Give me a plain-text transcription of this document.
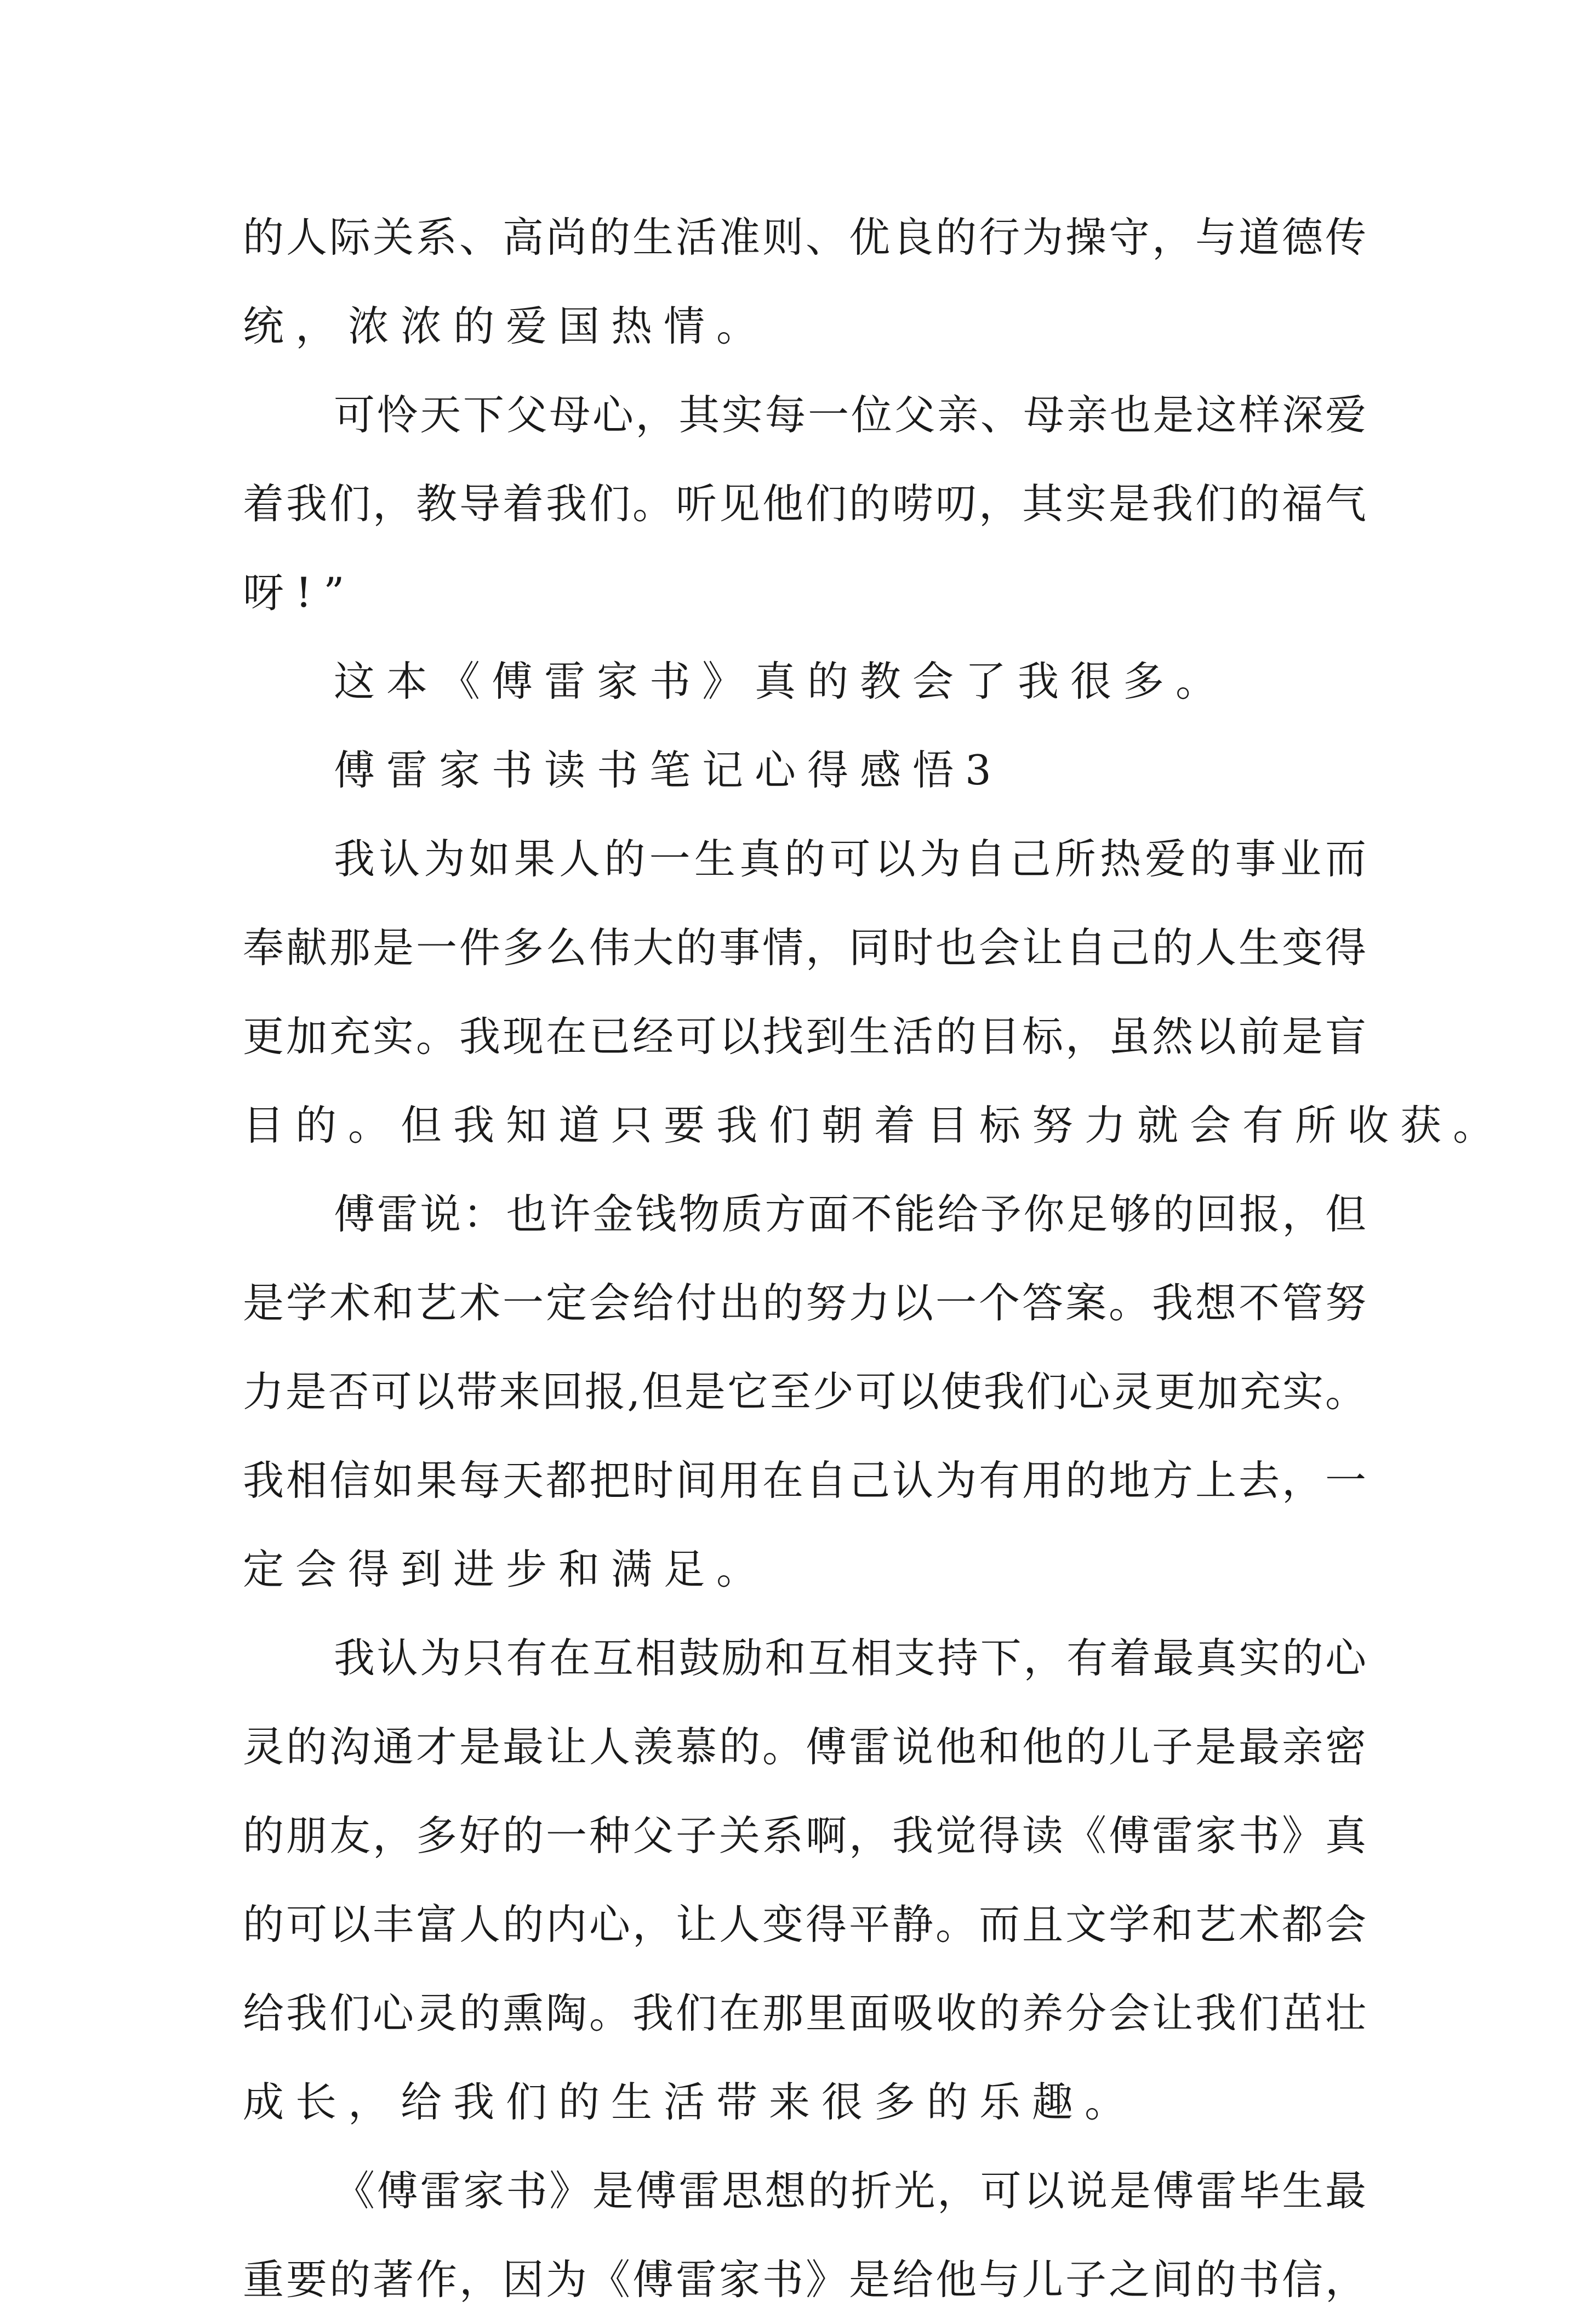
的人际关系、高尚的生活准则、优良的行为操守，与道德传
统，浓浓的爱国热情。
可怜天下父母心，其实每一位父亲、母亲也是这样深爱
着我们，教导着我们。听见他们的唠叨，其实是我们的福气
呀!”
这本《傅雷家书》真的教会了我很多。
傅雷家书读书笔记心得感悟3
我认为如果人的一生真的可以为自己所热爱的事业而
奉献那是一件多么伟大的事情，同时也会让自己的人生变得
更加充实。我现在已经可以找到生活的目标，虽然以前是盲
目的。但我知道只要我们朝着目标努力就会有所收获。
傅雷说：也许金钱物质方面不能给予你足够的回报，但
是学术和艺术一定会给付出的努力以一个答案。我想不管努
力是否可以带来回报,但是它至少可以使我们心灵更加充实。
我相信如果每天都把时间用在自己认为有用的地方上去，一
定会得到进步和满足。
我认为只有在互相鼓励和互相支持下，有着最真实的心
灵的沟通才是最让人羡慕的。傅雷说他和他的儿子是最亲密
的朋友，多好的一种父子关系啊，我觉得读《傅雷家书》真
的可以丰富人的内心，让人变得平静。而且文学和艺术都会
给我们心灵的熏陶。我们在那里面吸收的养分会让我们茁壮
成长，给我们的生活带来很多的乐趣。
《傅雷家书》是傅雷思想的折光，可以说是傅雷毕生最
重要的著作，因为《傅雷家书》是给他与儿子之间的书信，
